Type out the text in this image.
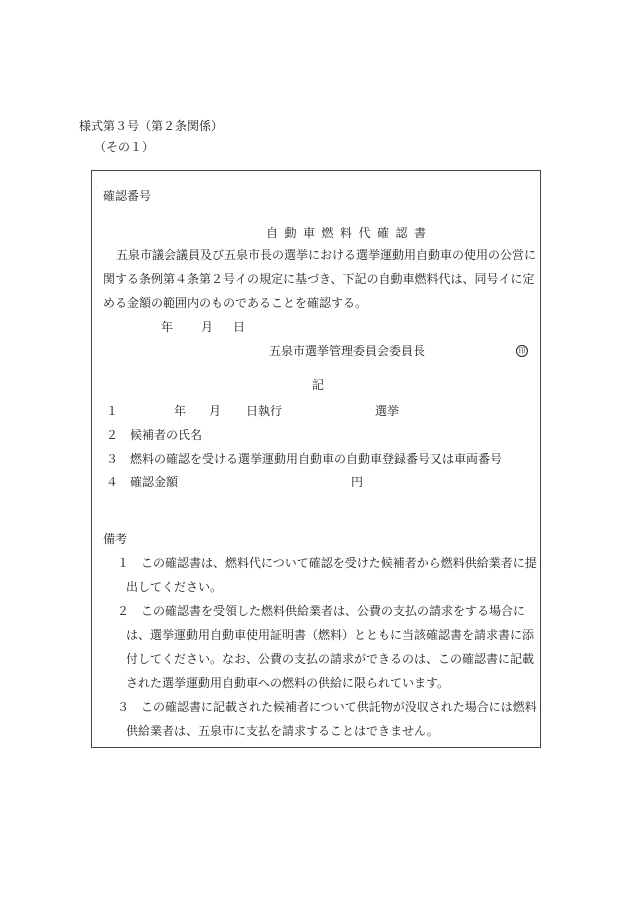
様式第３号（第２条関係）
（その１）
確認番号
自動車燃料代確認書
五泉市議会議員及び五泉市長の選挙における選挙運動用自動車の使用の公営に
関する条例第４条第２号イの規定に基づき、下記の自動車燃料代は、同号イに定
める金額の範囲内のものであることを確認する。
年 月 日
五泉市選挙管理委員会委員長	印
記
１	年 月 日執行	選挙
２　候補者の氏名
３　燃料の確認を受ける選挙運動用自動車の自動車登録番号又は車両番号
４　確認金額	円
備考
１　この確認書は、燃料代について確認を受けた候補者から燃料供給業者に提
出してください。
２　この確認書を受領した燃料供給業者は、公費の支払の請求をする場合に
は、選挙運動用自動車使用証明書（燃料）とともに当該確認書を請求書に添
付してください。なお、公費の支払の請求ができるのは、この確認書に記載
された選挙運動用自動車への燃料の供給に限られています。
３　この確認書に記載された候補者について供託物が没収された場合には燃料
供給業者は、五泉市に支払を請求することはできません。
